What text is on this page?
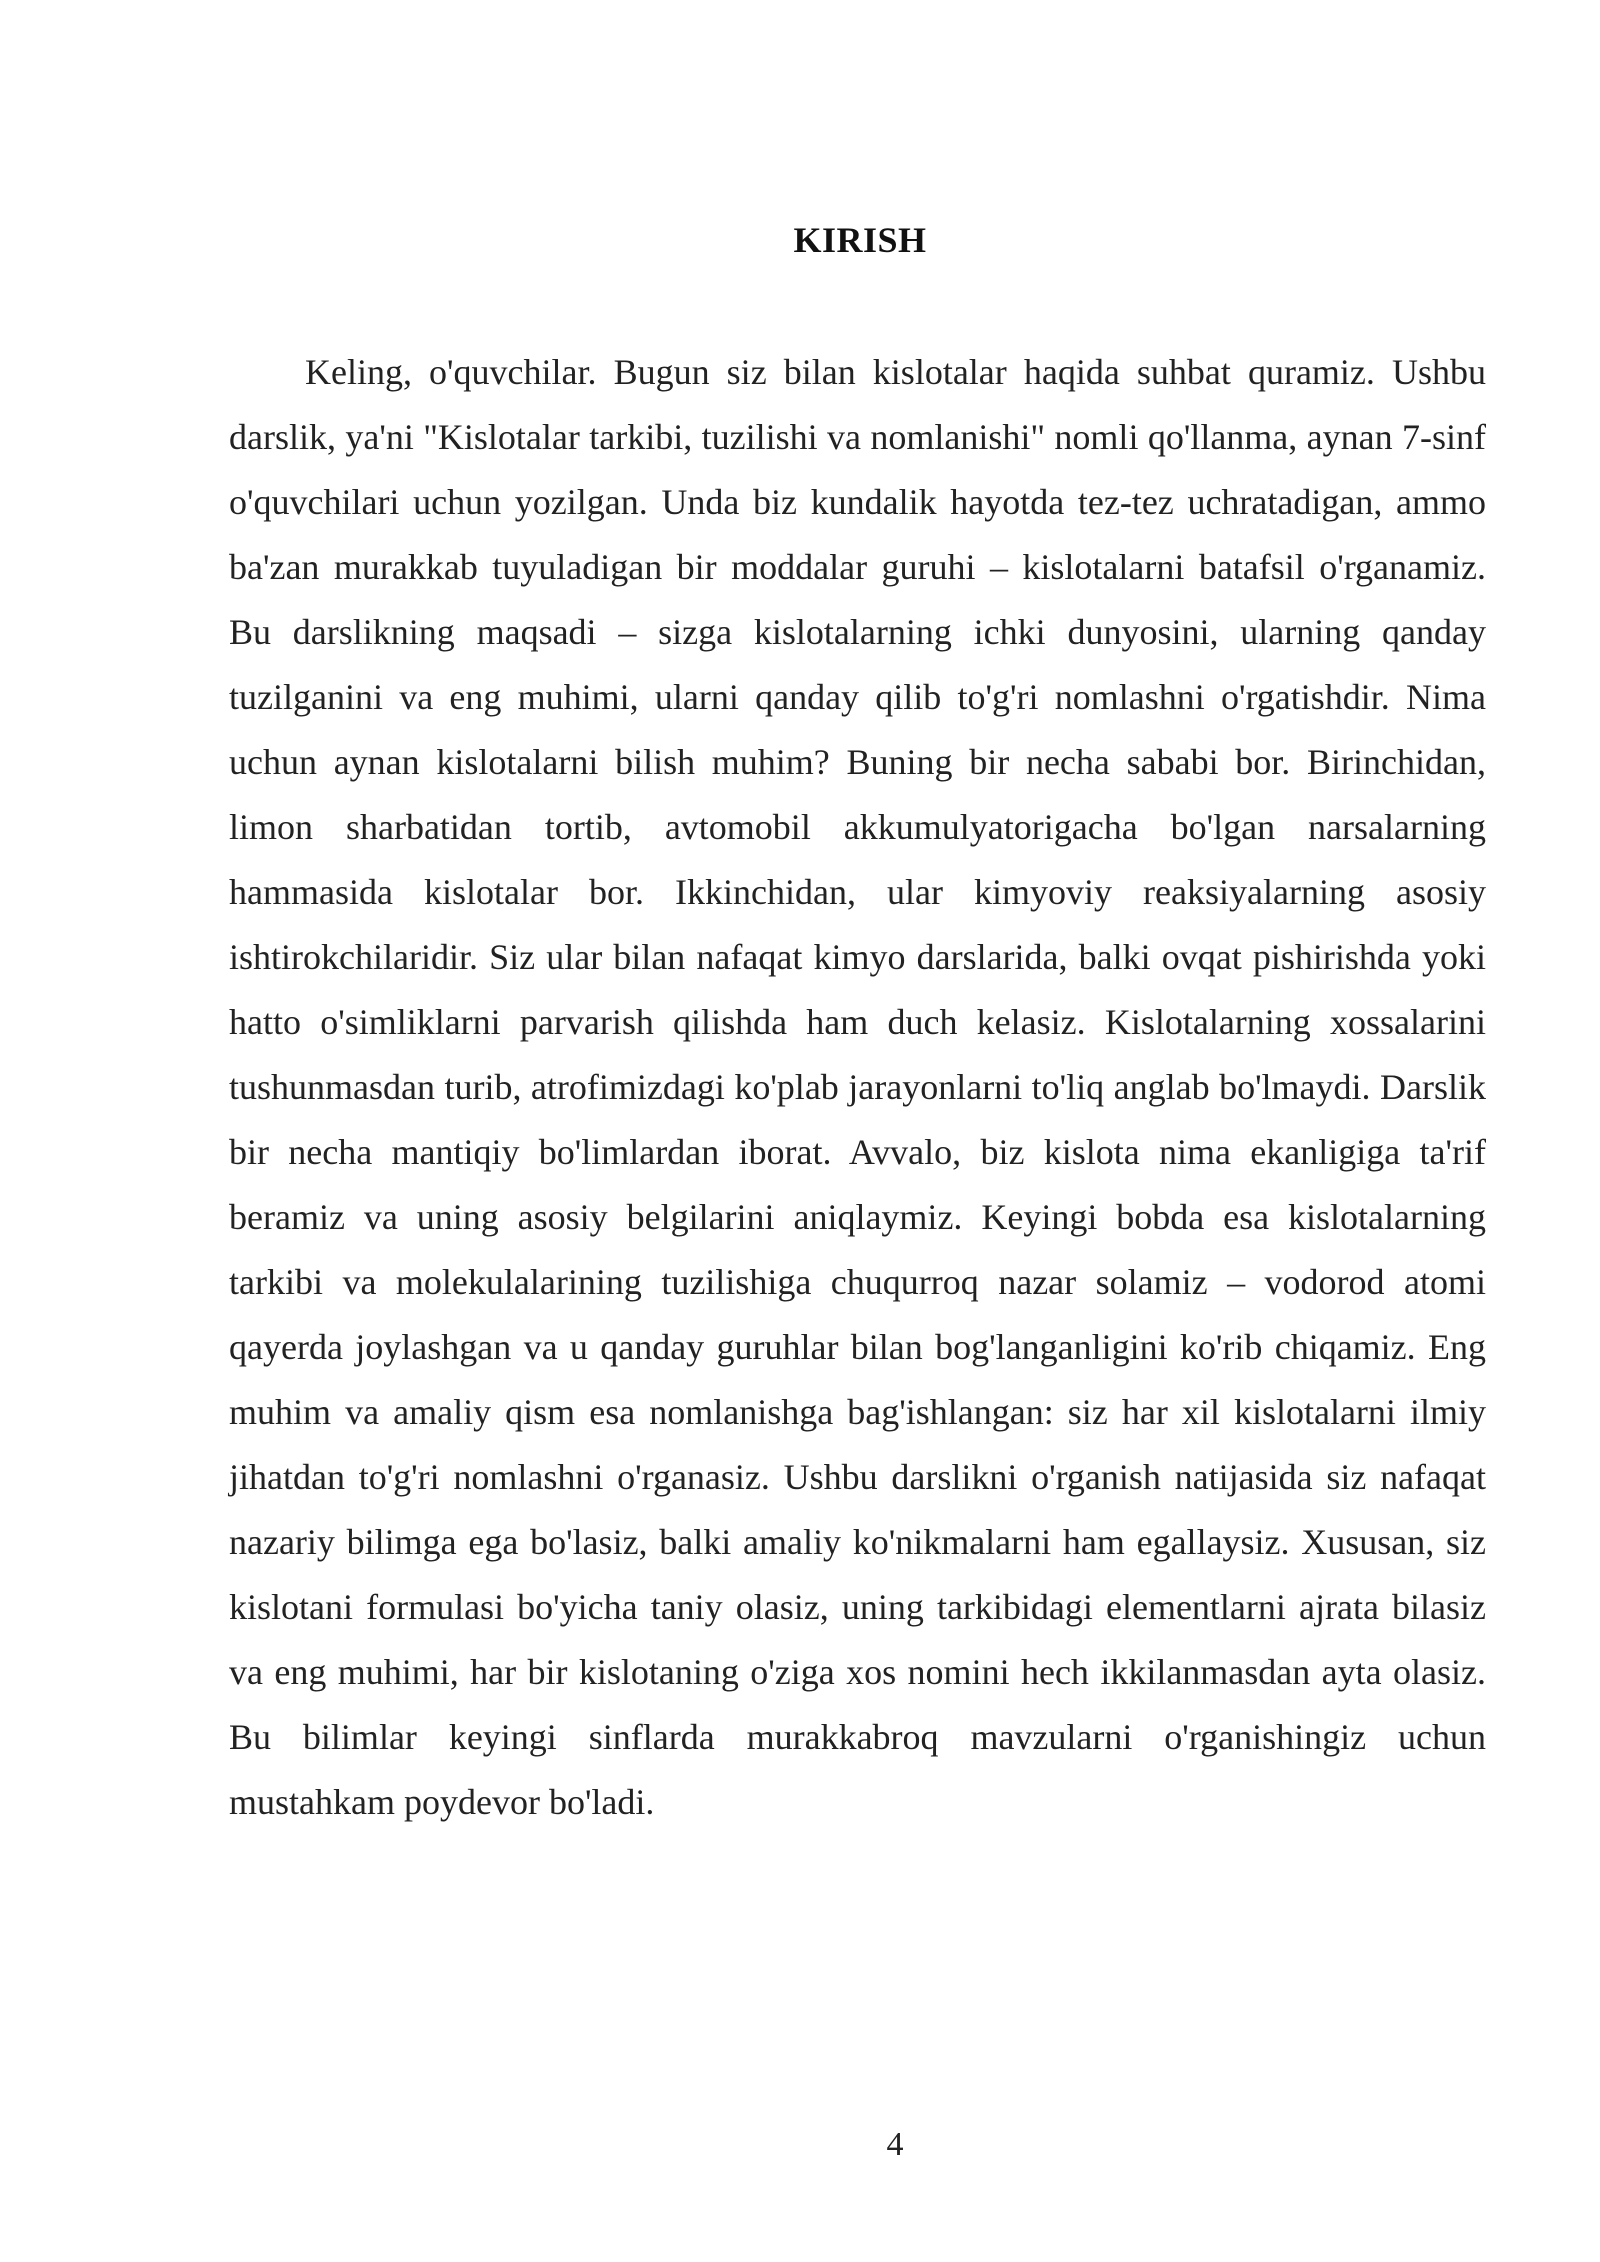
KIRISH

Keling, o'quvchilar. Bugun siz bilan kislotalar haqida suhbat quramiz. Ushbu darslik, ya'ni "Kislotalar tarkibi, tuzilishi va nomlanishi" nomli qo'llanma, aynan 7-sinf o'quvchilari uchun yozilgan. Unda biz kundalik hayotda tez-tez uchratadigan, ammo ba'zan murakkab tuyuladigan bir moddalar guruhi – kislotalarni batafsil o'rganamiz. Bu darslikning maqsadi – sizga kislotalarning ichki dunyosini, ularning qanday tuzilganini va eng muhimi, ularni qanday qilib to'g'ri nomlashni o'rgatishdir. Nima uchun aynan kislotalarni bilish muhim? Buning bir necha sababi bor. Birinchidan, limon sharbatidan tortib, avtomobil akkumulyatorigacha bo'lgan narsalarning hammasida kislotalar bor. Ikkinchidan, ular kimyoviy reaksiyalarning asosiy ishtirokchilaridir. Siz ular bilan nafaqat kimyo darslarida, balki ovqat pishirishda yoki hatto o'simliklarni parvarish qilishda ham duch kelasiz. Kislotalarning xossalarini tushunmasdan turib, atrofimizdagi ko'plab jarayonlarni to'liq anglab bo'lmaydi. Darslik bir necha mantiqiy bo'limlardan iborat. Avvalo, biz kislota nima ekanligiga ta'rif beramiz va uning asosiy belgilarini aniqlaymiz. Keyingi bobda esa kislotalarning tarkibi va molekulalarining tuzilishiga chuqurroq nazar solamiz – vodorod atomi qayerda joylashgan va u qanday guruhlar bilan bog'langanligini ko'rib chiqamiz. Eng muhim va amaliy qism esa nomlanishga bag'ishlangan: siz har xil kislotalarni ilmiy jihatdan to'g'ri nomlashni o'rganasiz. Ushbu darslikni o'rganish natijasida siz nafaqat nazariy bilimga ega bo'lasiz, balki amaliy ko'nikmalarni ham egallaysiz. Xususan, siz kislotani formulasi bo'yicha taniy olasiz, uning tarkibidagi elementlarni ajrata bilasiz va eng muhimi, har bir kislotaning o'ziga xos nomini hech ikkilanmasdan ayta olasiz. Bu bilimlar keyingi sinflarda murakkabroq mavzularni o'rganishingiz uchun mustahkam poydevor bo'ladi.

4
